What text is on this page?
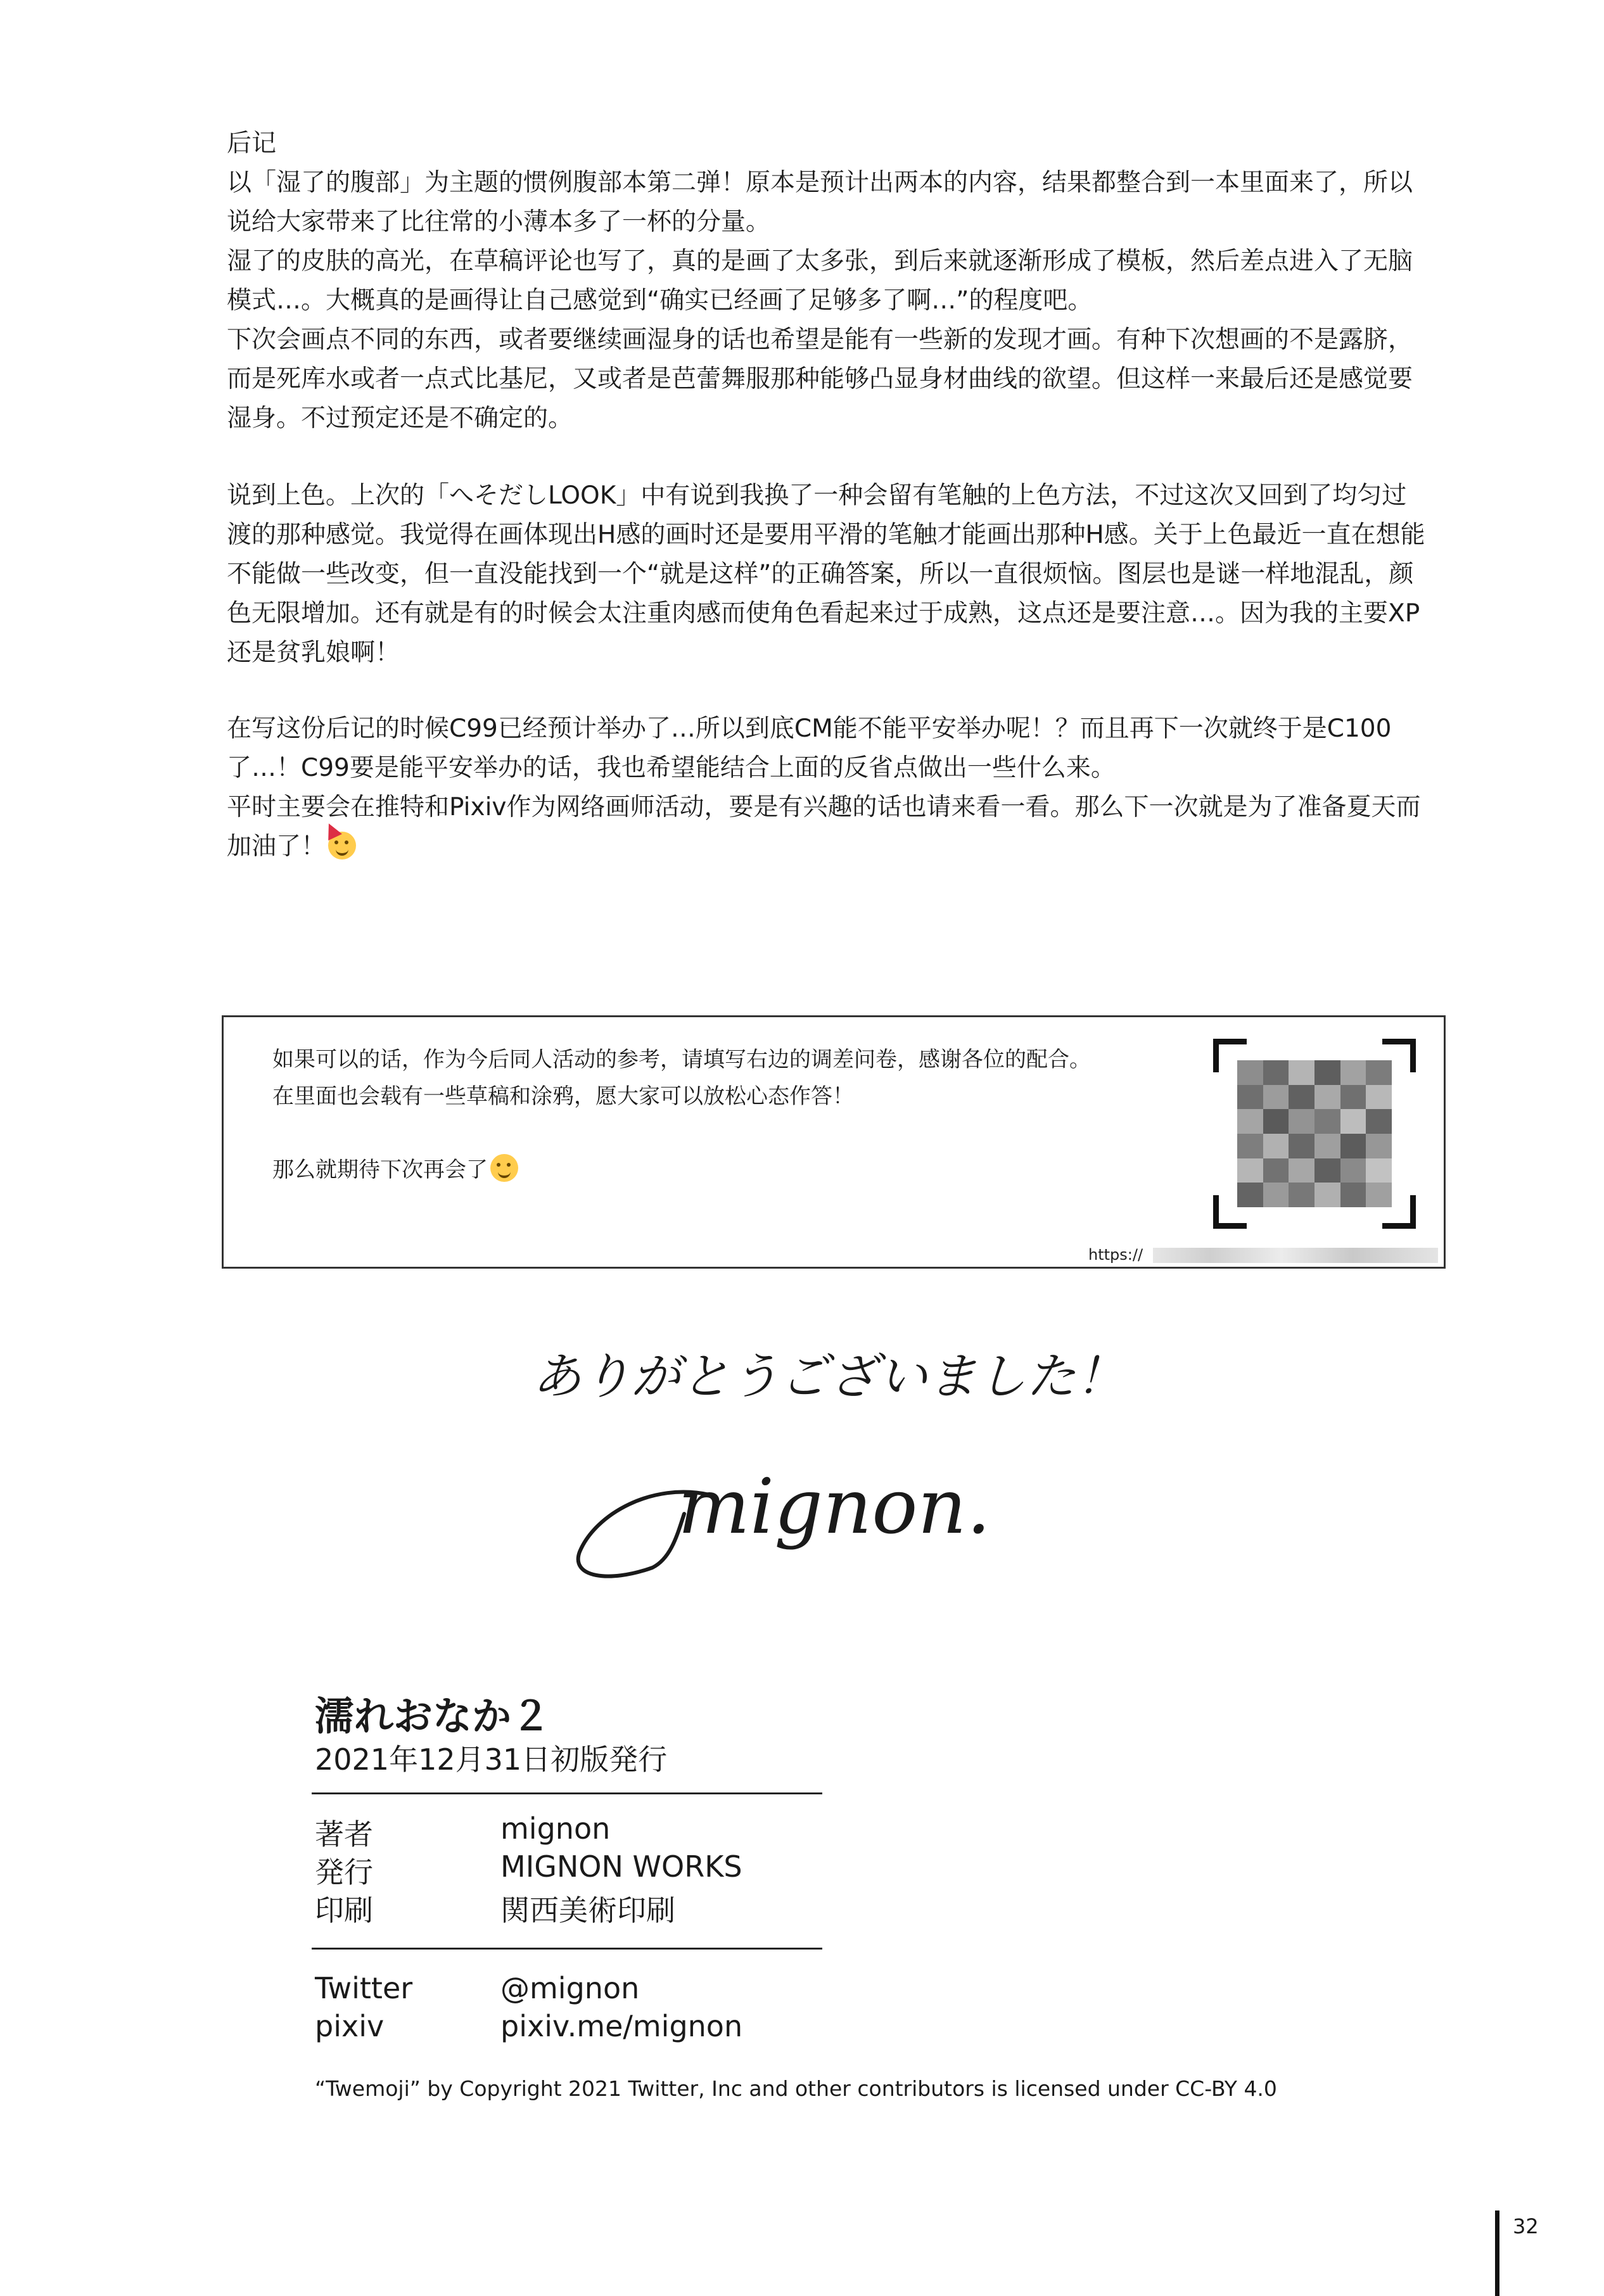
后记

以「湿了的腹部」为主题的惯例腹部本第二弹！原本是预计出两本的内容，结果都整合到一本里面来了，所以说给大家带来了比往常的小薄本多了一杯的分量。

湿了的皮肤的高光，在草稿评论也写了，真的是画了太多张，到后来就逐渐形成了模板，然后差点进入了无脑模式…。大概真的是画得让自己感觉到“确实已经画了足够多了啊…”的程度吧。

下次会画点不同的东西，或者要继续画湿身的话也希望是能有一些新的发现才画。有种下次想画的不是露脐，而是死库水或者一点式比基尼，又或者是芭蕾舞服那种能够凸显身材曲线的欲望。但这样一来最后还是感觉要湿身。不过预定还是不确定的。

说到上色。上次的「へそだしLOOK」中有说到我换了一种会留有笔触的上色方法，不过这次又回到了均匀过渡的那种感觉。我觉得在画体现出H感的画时还是要用平滑的笔触才能画出那种H感。关于上色最近一直在想能不能做一些改变，但一直没能找到一个“就是这样”的正确答案，所以一直很烦恼。图层也是谜一样地混乱，颜色无限增加。还有就是有的时候会太注重肉感而使角色看起来过于成熟，这点还是要注意…。因为我的主要XP还是贫乳娘啊！

在写这份后记的时候C99已经预计举办了…所以到底CM能不能平安举办呢！？而且再下一次就终于是C100了…！C99要是能平安举办的话，我也希望能结合上面的反省点做出一些什么来。

平时主要会在推特和Pixiv作为网络画师活动，要是有兴趣的话也请来看一看。那么下一次就是为了准备夏天而加油了！

如果可以的话，作为今后同人活动的参考，请填写右边的调差问卷，感谢各位的配合。

在里面也会载有一些草稿和涂鸦，愿大家可以放松心态作答！

那么就期待下次再会了

https://
ありがとうございました！
mignon.
濡れおなか２
2021年12月31日初版発行
著者	mignon
発行	MIGNON WORKS
印刷	関西美術印刷
Twitter	@mignon
pixiv	pixiv.me/mignon
“Twemoji” by Copyright 2021 Twitter, Inc and other contributors is licensed under CC-BY 4.0
32
